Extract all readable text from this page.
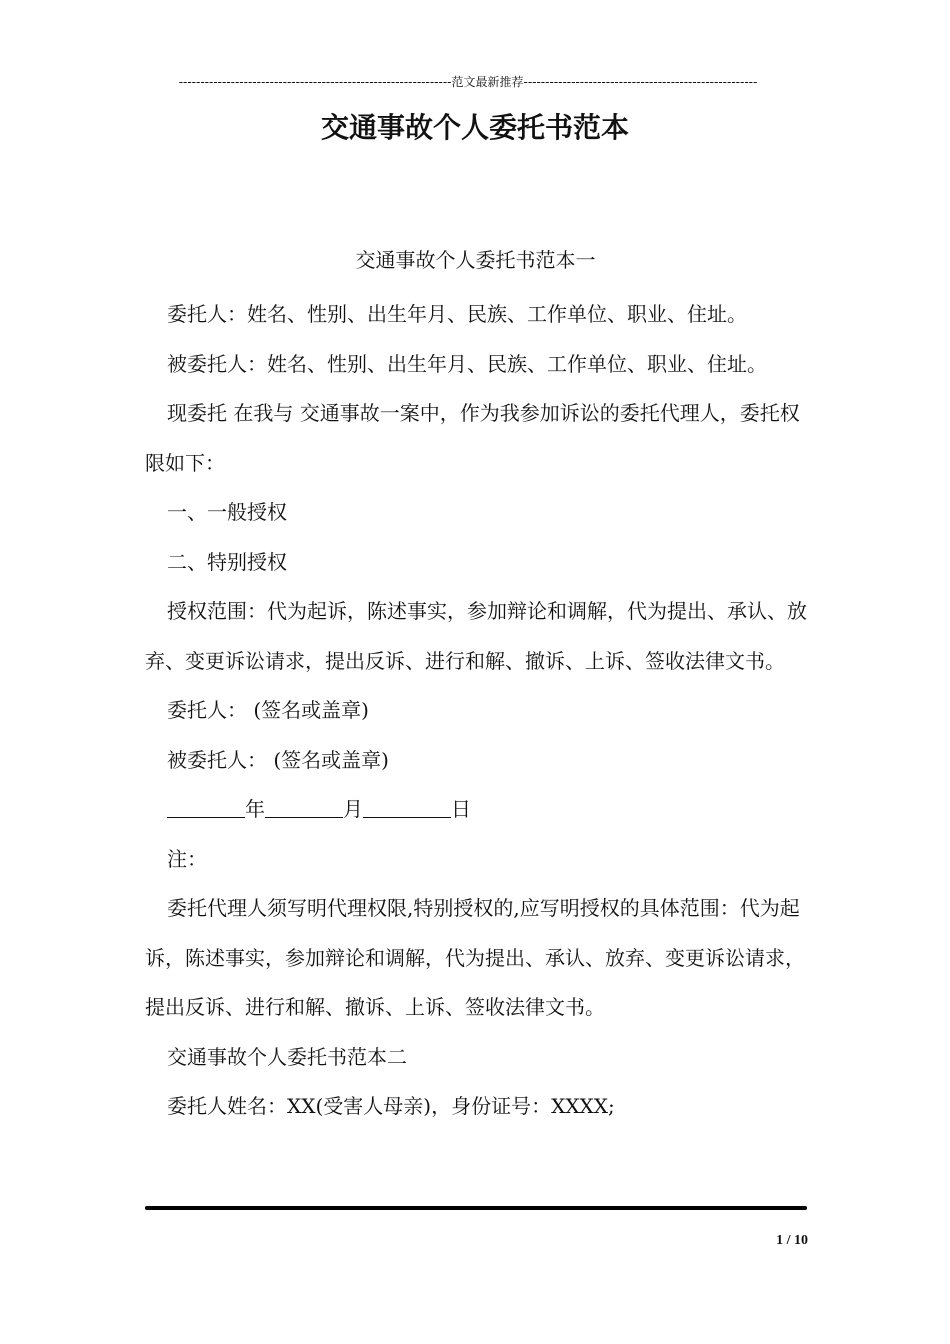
---------------------------------------------------------------范文最新推荐------------------------------------------------------
交通事故个人委托书范本
交通事故个人委托书范本一

委托人：姓名、性别、出生年月、民族、工作单位、职业、住址。

被委托人：姓名、性别、出生年月、民族、工作单位、职业、住址。

现委托 在我与 交通事故一案中，作为我参加诉讼的委托代理人，委托权限如下：

一、一般授权

二、特别授权

授权范围：代为起诉，陈述事实，参加辩论和调解，代为提出、承认、放弃、变更诉讼请求，提出反诉、进行和解、撤诉、上诉、签收法律文书。

委托人： (签名或盖章)

被委托人： (签名或盖章)

年	月	日

注：

委托代理人须写明代理权限,特别授权的,应写明授权的具体范围：代为起诉，陈述事实，参加辩论和调解，代为提出、承认、放弃、变更诉讼请求，提出反诉、进行和解、撤诉、上诉、签收法律文书。

交通事故个人委托书范本二

委托人姓名：XX(受害人母亲)，身份证号：XXXX;

1 / 10
